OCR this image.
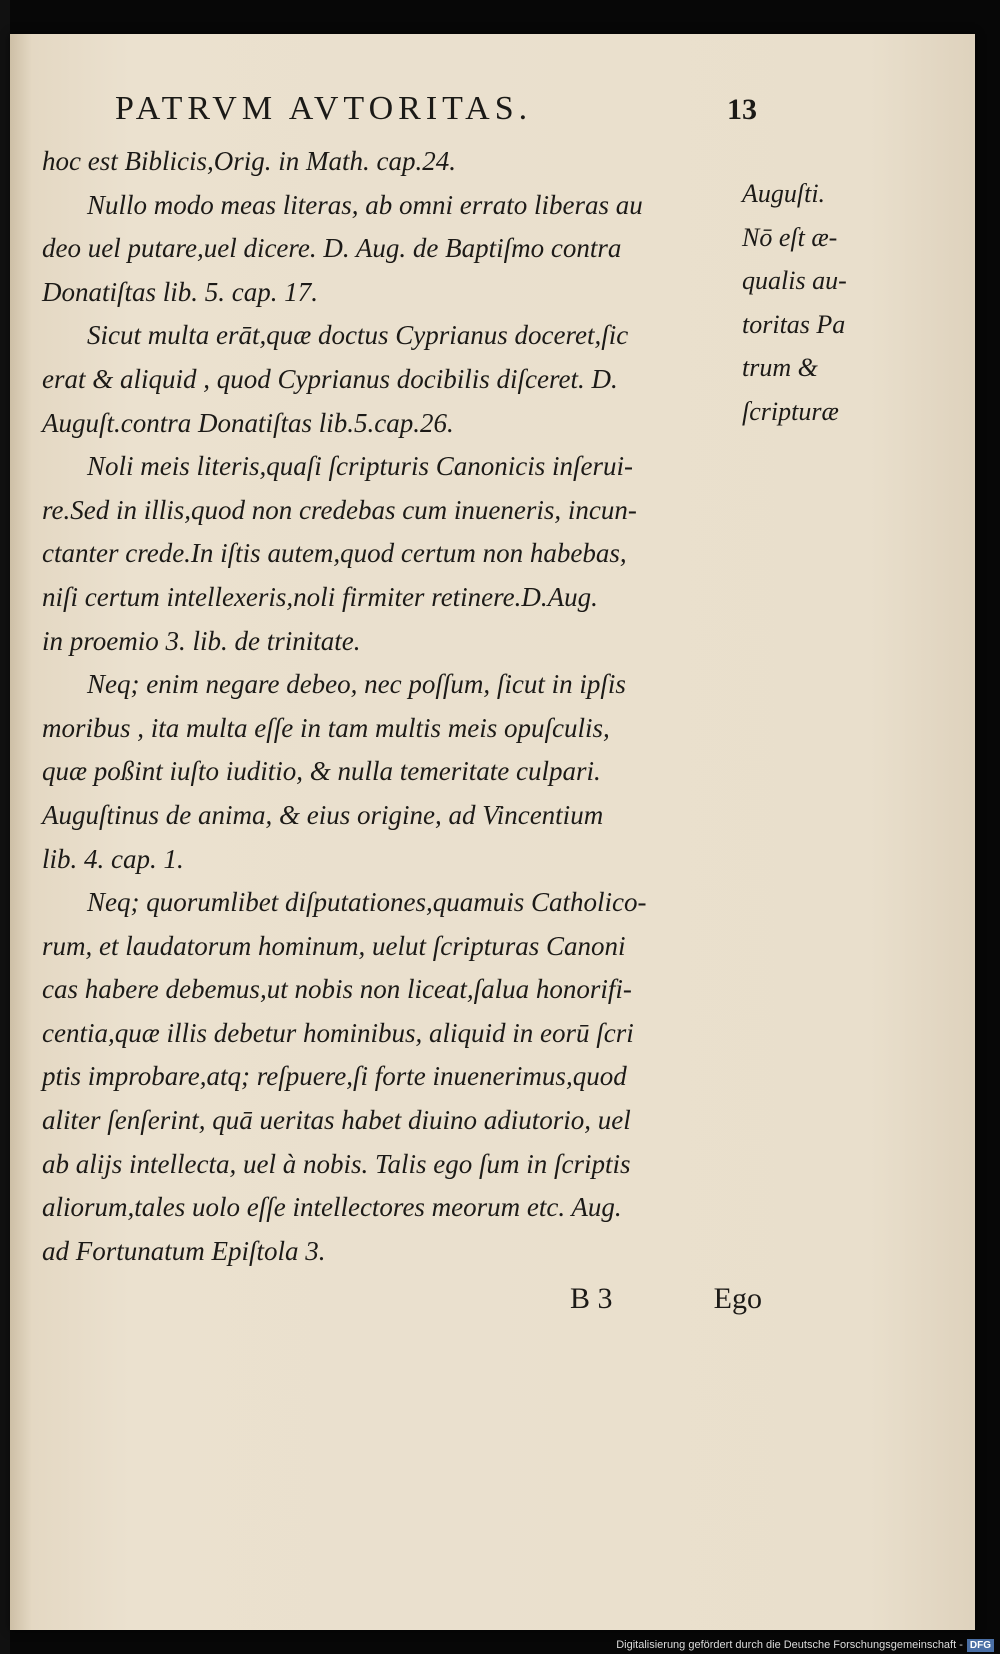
PATRVM AVTORITAS.	13

hoc est Biblicis,Orig. in Math. cap.24.

Nullo modo meas literas, ab omni errato liberas au
deo uel putare,uel dicere. D. Aug. de Baptiſmo contra
Donatiſtas lib. 5. cap. 17.

Sicut multa erāt,quæ doctus Cyprianus doceret,ſic
erat & aliquid , quod Cyprianus docibilis diſceret. D.
Auguſt.contra Donatiſtas lib.5.cap.26.

Noli meis literis,quaſi ſcripturis Canonicis inſerui-
re.Sed in illis,quod non credebas cum inueneris, incun-
ctanter crede.In iſtis autem,quod certum non habebas,
niſi certum intellexeris,noli firmiter retinere.D.Aug.
in proemio 3. lib. de trinitate.

Neq; enim negare debeo, nec poſſum, ſicut in ipſis
moribus , ita multa eſſe in tam multis meis opuſculis,
quæ poßint iuſto iuditio, & nulla temeritate culpari.
Auguſtinus de anima, & eius origine, ad Vincentium
lib. 4. cap. 1.

Neq; quorumlibet diſputationes,quamuis Catholico-
rum, et laudatorum hominum, uelut ſcripturas Canoni
cas habere debemus,ut nobis non liceat,ſalua honorifi-
centia,quæ illis debetur hominibus, aliquid in eorū ſcri
ptis improbare,atq; reſpuere,ſi forte inuenerimus,quod
aliter ſenſerint, quā ueritas habet diuino adiutorio, uel
ab alijs intellecta, uel à nobis. Talis ego ſum in ſcriptis
aliorum,tales uolo eſſe intellectores meorum etc. Aug.
ad Fortunatum Epiſtola 3.

Auguſti.
Nō eſt æ-
qualis au-
toritas Pa
trum &
ſcripturæ
B 3	Ego
Digitalisierung gefördert durch die Deutsche Forschungsgemeinschaft - DFG
